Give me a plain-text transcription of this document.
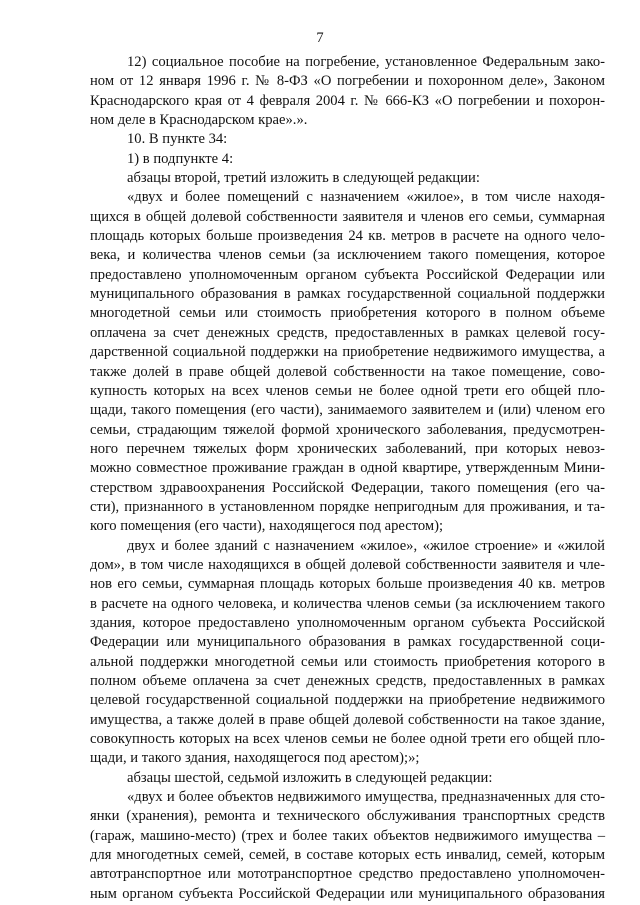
7
12) социальное пособие на погребение, установленное Федеральным зако-
ном от 12 января 1996 г. № 8-ФЗ «О погребении и похоронном деле», Законом
Краснодарского края от 4 февраля 2004 г. № 666-КЗ «О погребении и похорон-
ном деле в Краснодарском крае».».
10. В пункте 34:
1) в подпункте 4:
абзацы второй, третий изложить в следующей редакции:
«двух и более помещений с назначением «жилое», в том числе находя-
щихся в общей долевой собственности заявителя и членов его семьи, суммарная
площадь которых больше произведения 24 кв. метров в расчете на одного чело-
века, и количества членов семьи (за исключением такого помещения, которое
предоставлено уполномоченным органом субъекта Российской Федерации или
муниципального образования в рамках государственной социальной поддержки
многодетной семьи или стоимость приобретения которого в полном объеме
оплачена за счет денежных средств, предоставленных в рамках целевой госу-
дарственной социальной поддержки на приобретение недвижимого имущества, а
также долей в праве общей долевой собственности на такое помещение, сово-
купность которых на всех членов семьи не более одной трети его общей пло-
щади, такого помещения (его части), занимаемого заявителем и (или) членом его
семьи, страдающим тяжелой формой хронического заболевания, предусмотрен-
ного перечнем тяжелых форм хронических заболеваний, при которых невоз-
можно совместное проживание граждан в одной квартире, утвержденным Мини-
стерством здравоохранения Российской Федерации, такого помещения (его ча-
сти), признанного в установленном порядке непригодным для проживания, и та-
кого помещения (его части), находящегося под арестом);
двух и более зданий с назначением «жилое», «жилое строение» и «жилой
дом», в том числе находящихся в общей долевой собственности заявителя и чле-
нов его семьи, суммарная площадь которых больше произведения 40 кв. метров
в расчете на одного человека, и количества членов семьи (за исключением такого
здания, которое предоставлено уполномоченным органом субъекта Российской
Федерации или муниципального образования в рамках государственной соци-
альной поддержки многодетной семьи или стоимость приобретения которого в
полном объеме оплачена за счет денежных средств, предоставленных в рамках
целевой государственной социальной поддержки на приобретение недвижимого
имущества, а также долей в праве общей долевой собственности на такое здание,
совокупность которых на всех членов семьи не более одной трети его общей пло-
щади, и такого здания, находящегося под арестом);»;
абзацы шестой, седьмой изложить в следующей редакции:
«двух и более объектов недвижимого имущества, предназначенных для сто-
янки (хранения), ремонта и технического обслуживания транспортных средств
(гараж, машино-место) (трех и более таких объектов недвижимого имущества –
для многодетных семей, семей, в составе которых есть инвалид, семей, которым
автотранспортное или мототранспортное средство предоставлено уполномочен-
ным органом субъекта Российской Федерации или муниципального образования
